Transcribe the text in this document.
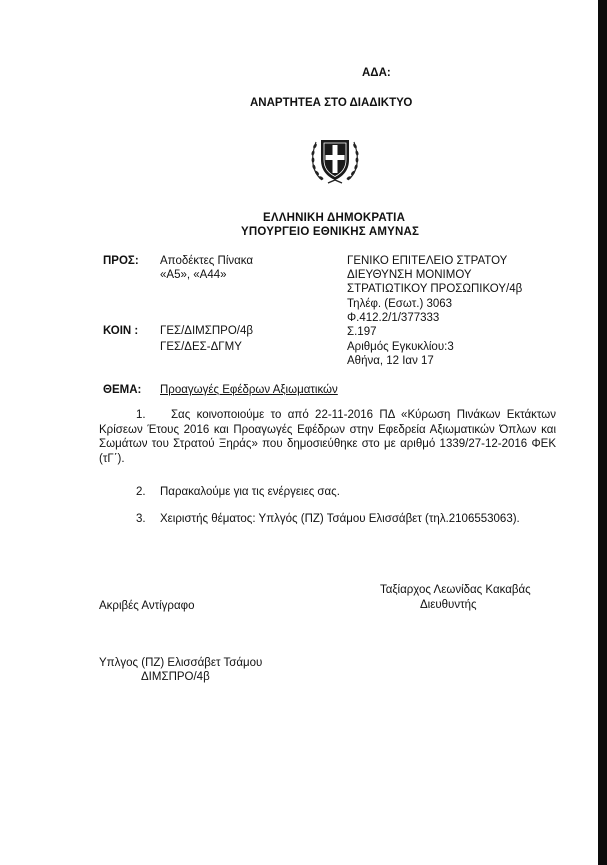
ΑΔΑ:
ΑΝΑΡΤΗΤΕΑ ΣΤΟ ΔΙΑΔΙΚΤΥΟ
ΕΛΛΗΝΙΚΗ ΔΗΜΟΚΡΑΤΙΑ
ΥΠΟΥΡΓΕΙΟ ΕΘΝΙΚΗΣ ΑΜΥΝΑΣ
ΠΡΟΣ: Αποδέκτες Πίνακα
«Α5», «Α44»
ΚΟΙΝ : ΓΕΣ/ΔΙΜΣΠΡΟ/4β
ΓΕΣ/ΔΕΣ-ΔΓΜΥ
ΓΕΝΙΚΟ ΕΠΙΤΕΛΕΙΟ ΣΤΡΑΤΟΥ
ΔΙΕΥΘΥΝΣΗ ΜΟΝΙΜΟΥ
ΣΤΡΑΤΙΩΤΙΚΟΥ ΠΡΟΣΩΠΙΚΟΥ/4β
Τηλέφ. (Εσωτ.) 3063
Φ.412.2/1/377333
Σ.197
Αριθμός Εγκυκλίου:3
Αθήνα, 12 Ιαν 17
ΘΕΜΑ: Προαγωγές Εφέδρων Αξιωματικών
1. Σας κοινοποιούμε το από 22-11-2016 ΠΔ «Κύρωση Πινάκων Εκτάκτων Κρίσεων Έτους 2016 και Προαγωγές Εφέδρων στην Εφεδρεία Αξιωματικών Όπλων και Σωμάτων του Στρατού Ξηράς» που δημοσιεύθηκε στο με αριθμό 1339/27-12-2016 ΦΕΚ (τΓ΄).
2. Παρακαλούμε για τις ενέργειες σας.
3. Χειριστής θέματος: Υπλγός (ΠΖ) Τσάμου Ελισσάβετ (τηλ.2106553063).
Ταξίαρχος Λεωνίδας Κακαβάς
Διευθυντής
Ακριβές Αντίγραφο
Υπλγος (ΠΖ) Ελισσάβετ Τσάμου
ΔΙΜΣΠΡΟ/4β
